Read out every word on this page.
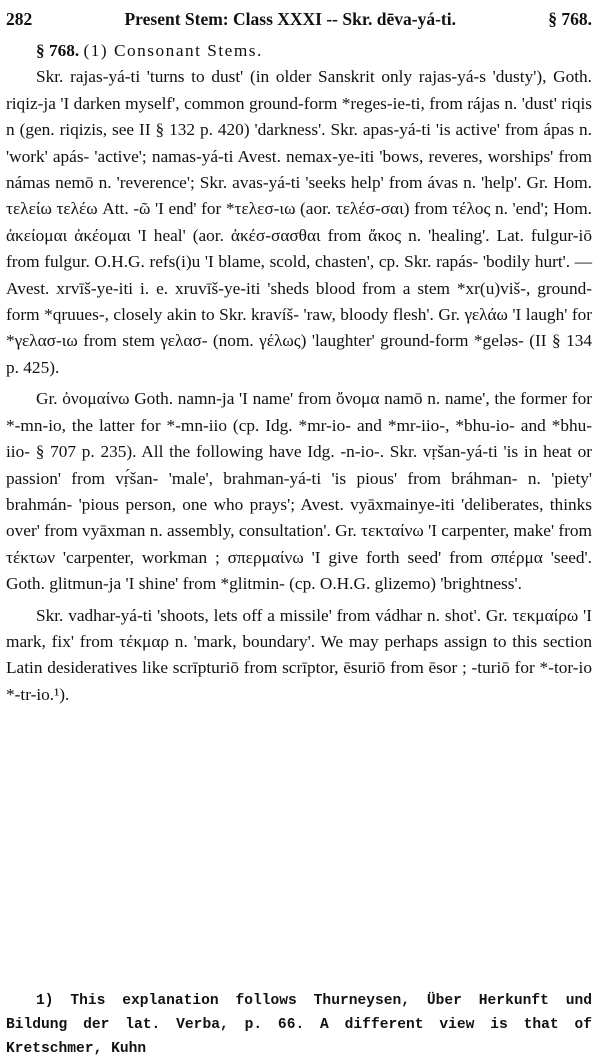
282	Present Stem: Class XXXI -- Skr. dēva-yá-ti.	§ 768.

§ 768. (1) Consonant Stems.

Skr. rajas-yá-ti 'turns to dust' (in older Sanskrit only rajas-yá-s 'dusty'), Goth. riqiz-ja 'I darken myself', common ground-form *reges-ie-ti, from rájas n. 'dust' riqis n (gen. riqizis, see II § 132 p. 420) 'darkness'. Skr. apas-yá-ti 'is active' from ápas n. 'work' apás- 'active'; namas-yá-ti Avest. nemax-ye-iti 'bows, reveres, worships' from námas nemō n. 'reverence'; Skr. avas-yá-ti 'seeks help' from ávas n. 'help'. Gr. Hom. τελείω τελέω Att. -ῶ 'I end' for *τελεσ-ιω (aor. τελέσ-σαι) from τέλος n. 'end'; Hom. ἀκείομαι ἀκέομαι 'I heal' (aor. ἀκέσ-σασθαι from ἄκος n. 'healing'. Lat. fulgur-iō from fulgur. O.H.G. refs(i)u 'I blame, scold, chasten', cp. Skr. rapás- 'bodily hurt'. — Avest. xrvīš-ye-iti i. e. xruvīš-ye-iti 'sheds blood from a stem *xr(u)viš-, ground-form *qruues-, closely akin to Skr. kravíš- 'raw, bloody flesh'. Gr. γελάω 'I laugh' for *γελασ-ιω from stem γελασ- (nom. γέλως) 'laughter' ground-form *geləs- (II § 134 p. 425).

Gr. ὀνομαίνω Goth. namn-ja 'I name' from ὄνομα namō n. name', the former for *-mn-io, the latter for *-mn-iio (cp. Idg. *mr-io- and *mr-iio-, *bhu-io- and *bhu-iio- § 707 p. 235). All the following have Idg. -n-io-. Skr. vṛšan-yá-ti 'is in heat or passion' from vṛ́šan- 'male', brahman-yá-ti 'is pious' from bráhman- n. 'piety' brahmán- 'pious person, one who prays'; Avest. vyāxmainye-iti 'deliberates, thinks over' from vyāxman n. assembly, consultation'. Gr. τεκταίνω 'I carpenter, make' from τέκτων 'carpenter, workman ; σπερμαίνω 'I give forth seed' from σπέρμα 'seed'. Goth. glitmun-ja 'I shine' from *glitmin- (cp. O.H.G. glizemo) 'brightness'.

Skr. vadhar-yá-ti 'shoots, lets off a missile' from vádhar n. shot'. Gr. τεκμαίρω 'I mark, fix' from τέκμαρ n. 'mark, boundary'. We may perhaps assign to this section Latin desideratives like scrīpturiō from scrīptor, ēsuriō from ēsor ; -turiō for *-tor-io *-tr-io.¹).

1) This explanation follows Thurneysen, Über Herkunft und Bildung der lat. Verba, p. 66. A different view is that of Kretschmer, Kuhn
